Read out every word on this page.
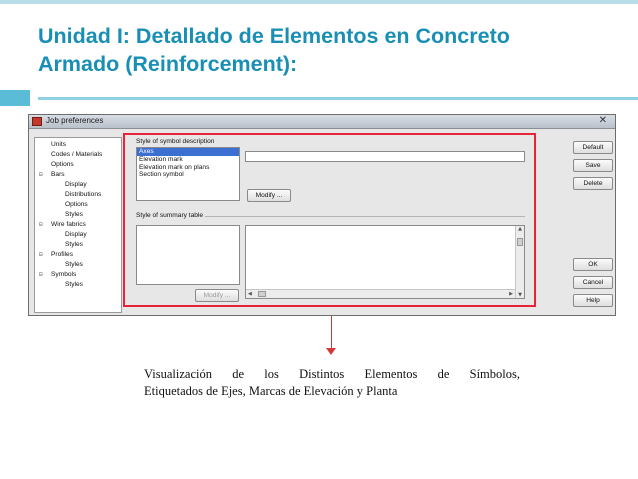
Unidad I: Detallado de Elementos en Concreto
Armado (Reinforcement):
Job preferences	✕
Units
Codes / Materials
Options
⊟ Bars
Display
Distributions
Options
Styles
⊟ Wire fabrics
Display
Styles
⊟ Profiles
Styles
⊟ Symbols
Styles
Style of symbol description
Axes
Elevation mark
Elevation mark on plans
Section symbol
Modify ...
Style of summary table
Modify ...
▲
▼
◀	▶
Default
Save
Delete
OK
Cancel
Help
Visualización de los Distintos Elementos de Símbolos,
Etiquetados de Ejes, Marcas de Elevación y Planta
